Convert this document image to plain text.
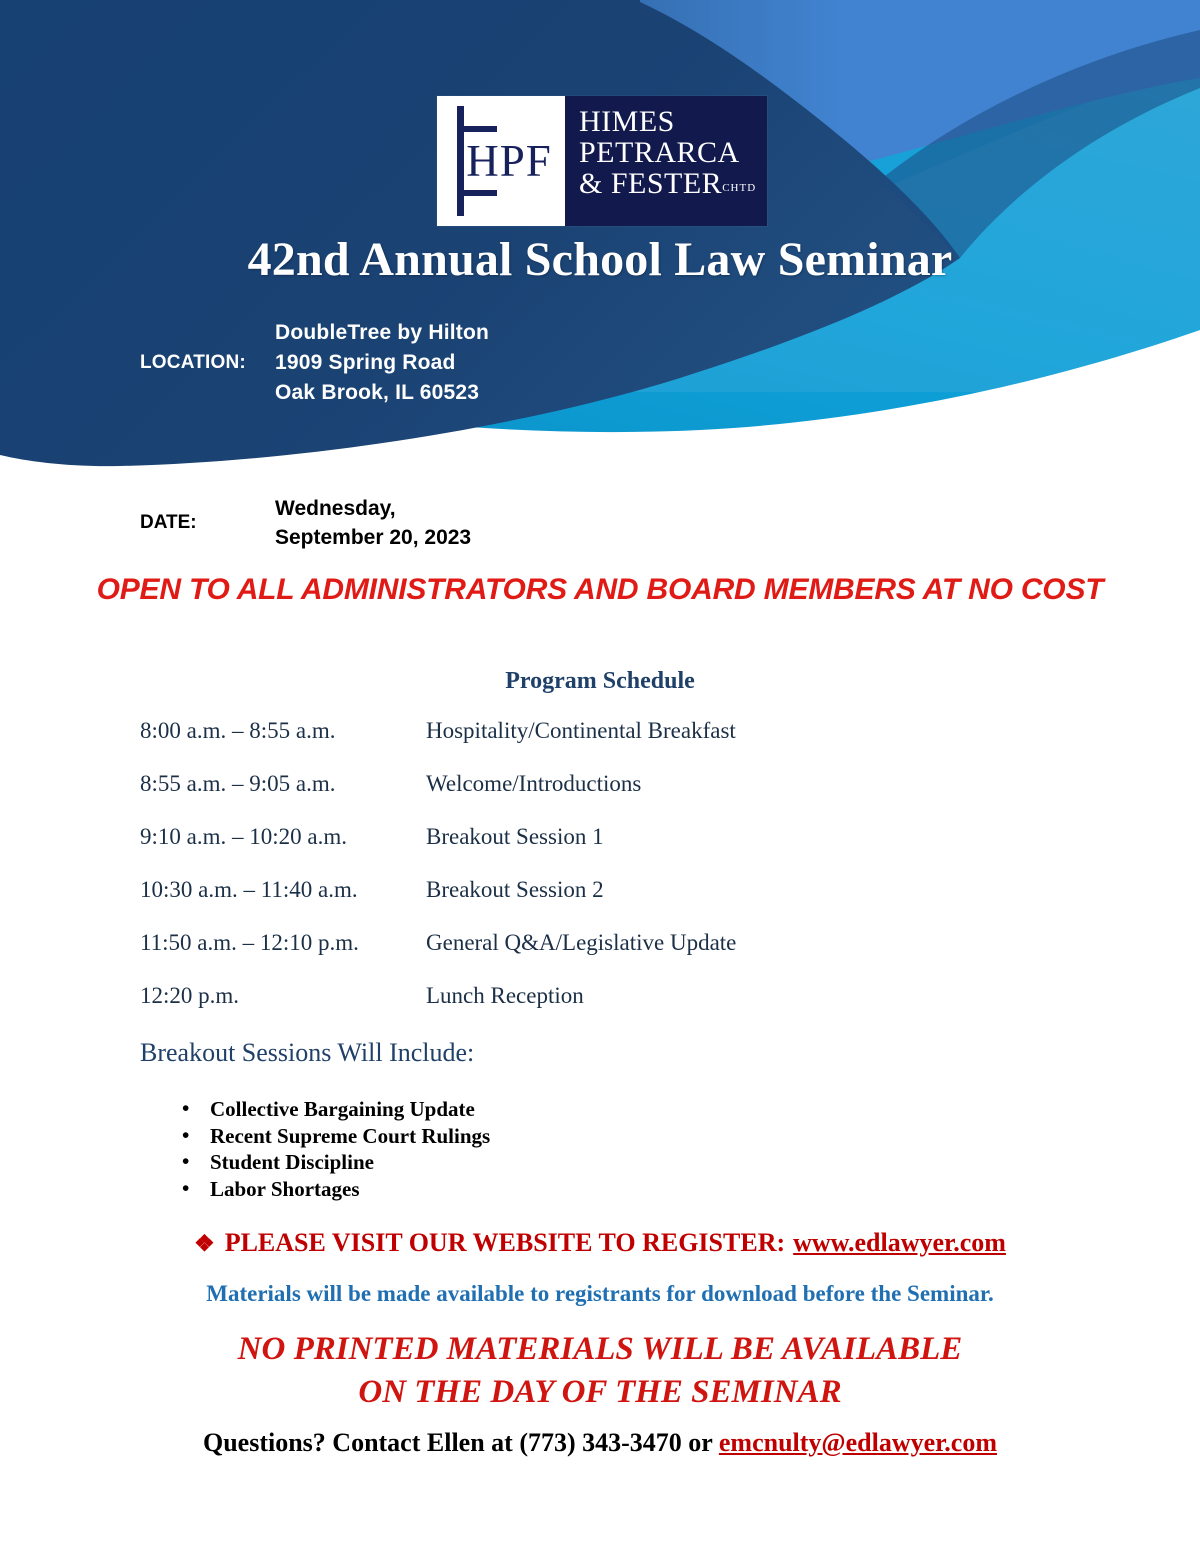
HPF
HIMES
PETRARCA
& FESTERCHTD
42nd Annual School Law Seminar
LOCATION:
DoubleTree by Hilton
1909 Spring Road
Oak Brook, IL 60523
DATE:
Wednesday,
September 20, 2023
OPEN TO ALL ADMINISTRATORS AND BOARD MEMBERS AT NO COST
Program Schedule
8:00 a.m. – 8:55 a.m.	Hospitality/Continental Breakfast
8:55 a.m. – 9:05 a.m.	Welcome/Introductions
9:10 a.m. – 10:20 a.m.	Breakout Session 1
10:30 a.m. – 11:40 a.m.	Breakout Session 2
11:50 a.m. – 12:10 p.m.	General Q&A/Legislative Update
12:20 p.m.	Lunch Reception
Breakout Sessions Will Include:
• Collective Bargaining Update
• Recent Supreme Court Rulings
• Student Discipline
• Labor Shortages
❖ PLEASE VISIT OUR WEBSITE TO REGISTER: www.edlawyer.com
Materials will be made available to registrants for download before the Seminar.
NO PRINTED MATERIALS WILL BE AVAILABLE
ON THE DAY OF THE SEMINAR
Questions? Contact Ellen at (773) 343-3470 or emcnulty@edlawyer.com
